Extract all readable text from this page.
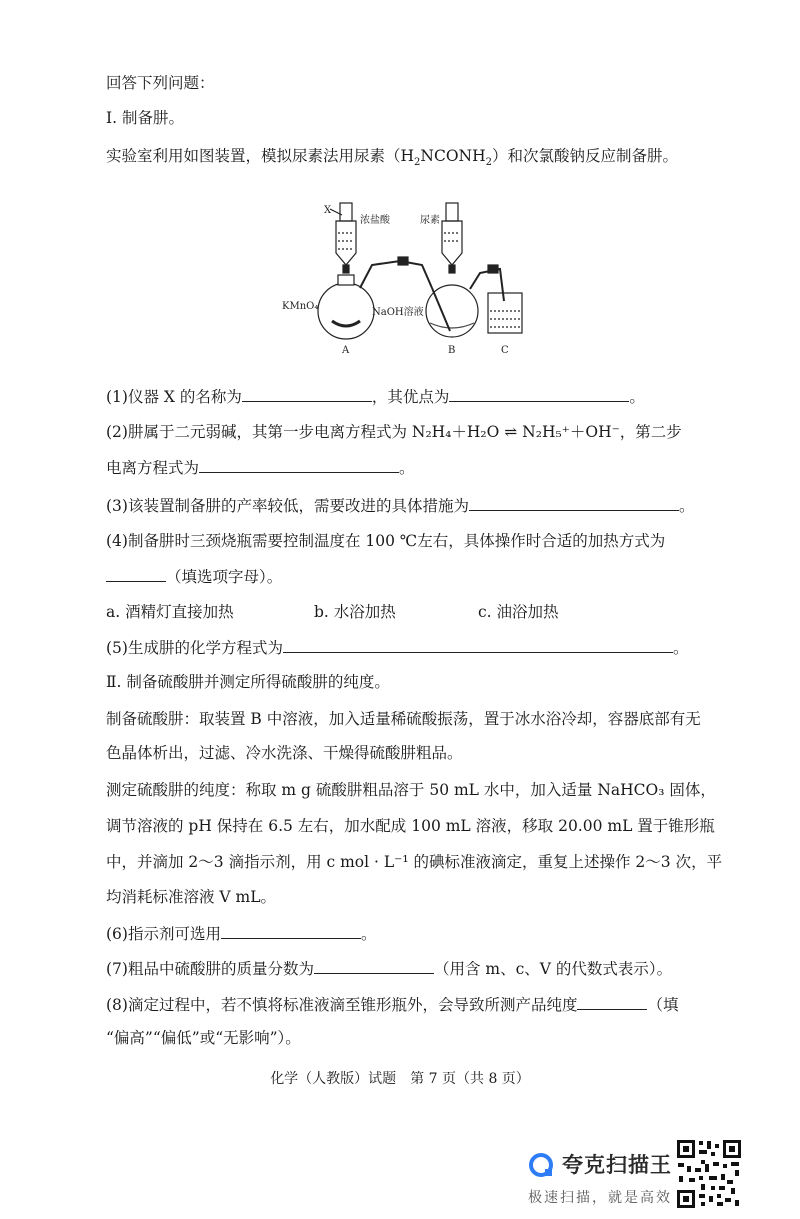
回答下列问题：
Ⅰ. 制备肼。
实验室利用如图装置，模拟尿素法用尿素$(H_2NCONH_2)$和次氯酸钠反应制备肼。
X
浓盐酸	尿素
KMnO₄
NaOH溶液
A	B	C
(1)仪器 X 的名称为	，其优点为	。
(2)肼属于二元弱碱，其第一步电离方程式为 N₂H₄＋H₂O ⇌ N₂H₅⁺＋OH⁻，第二步
电离方程式为	。
(3)该装置制备肼的产率较低，需要改进的具体措施为	。
(4)制备肼时三颈烧瓶需要控制温度在 100 ℃左右，具体操作时合适的加热方式为
（填选项字母）。
a. 酒精灯直接加热	b. 水浴加热	c. 油浴加热
(5)生成肼的化学方程式为	。
Ⅱ. 制备硫酸肼并测定所得硫酸肼的纯度。
制备硫酸肼：取装置 B 中溶液，加入适量稀硫酸振荡，置于冰水浴冷却，容器底部有无
色晶体析出，过滤、冷水洗涤、干燥得硫酸肼粗品。
测定硫酸肼的纯度：称取 m g 硫酸肼粗品溶于 50 mL 水中，加入适量 NaHCO₃ 固体，
调节溶液的 pH 保持在 6.5 左右，加水配成 100 mL 溶液，移取 20.00 mL 置于锥形瓶
中，并滴加 2～3 滴指示剂，用 c mol · L⁻¹ 的碘标准液滴定，重复上述操作 2～3 次，平
均消耗标准溶液 V mL。
(6)指示剂可选用	。
(7)粗品中硫酸肼的质量分数为	（用含 m、c、V 的代数式表示）。
(8)滴定过程中，若不慎将标准液滴至锥形瓶外，会导致所测产品纯度	（填
“偏高”“偏低”或“无影响”）。
化学（人教版）试题　第 7 页（共 8 页）
夸克扫描王
极速扫描，就是高效
